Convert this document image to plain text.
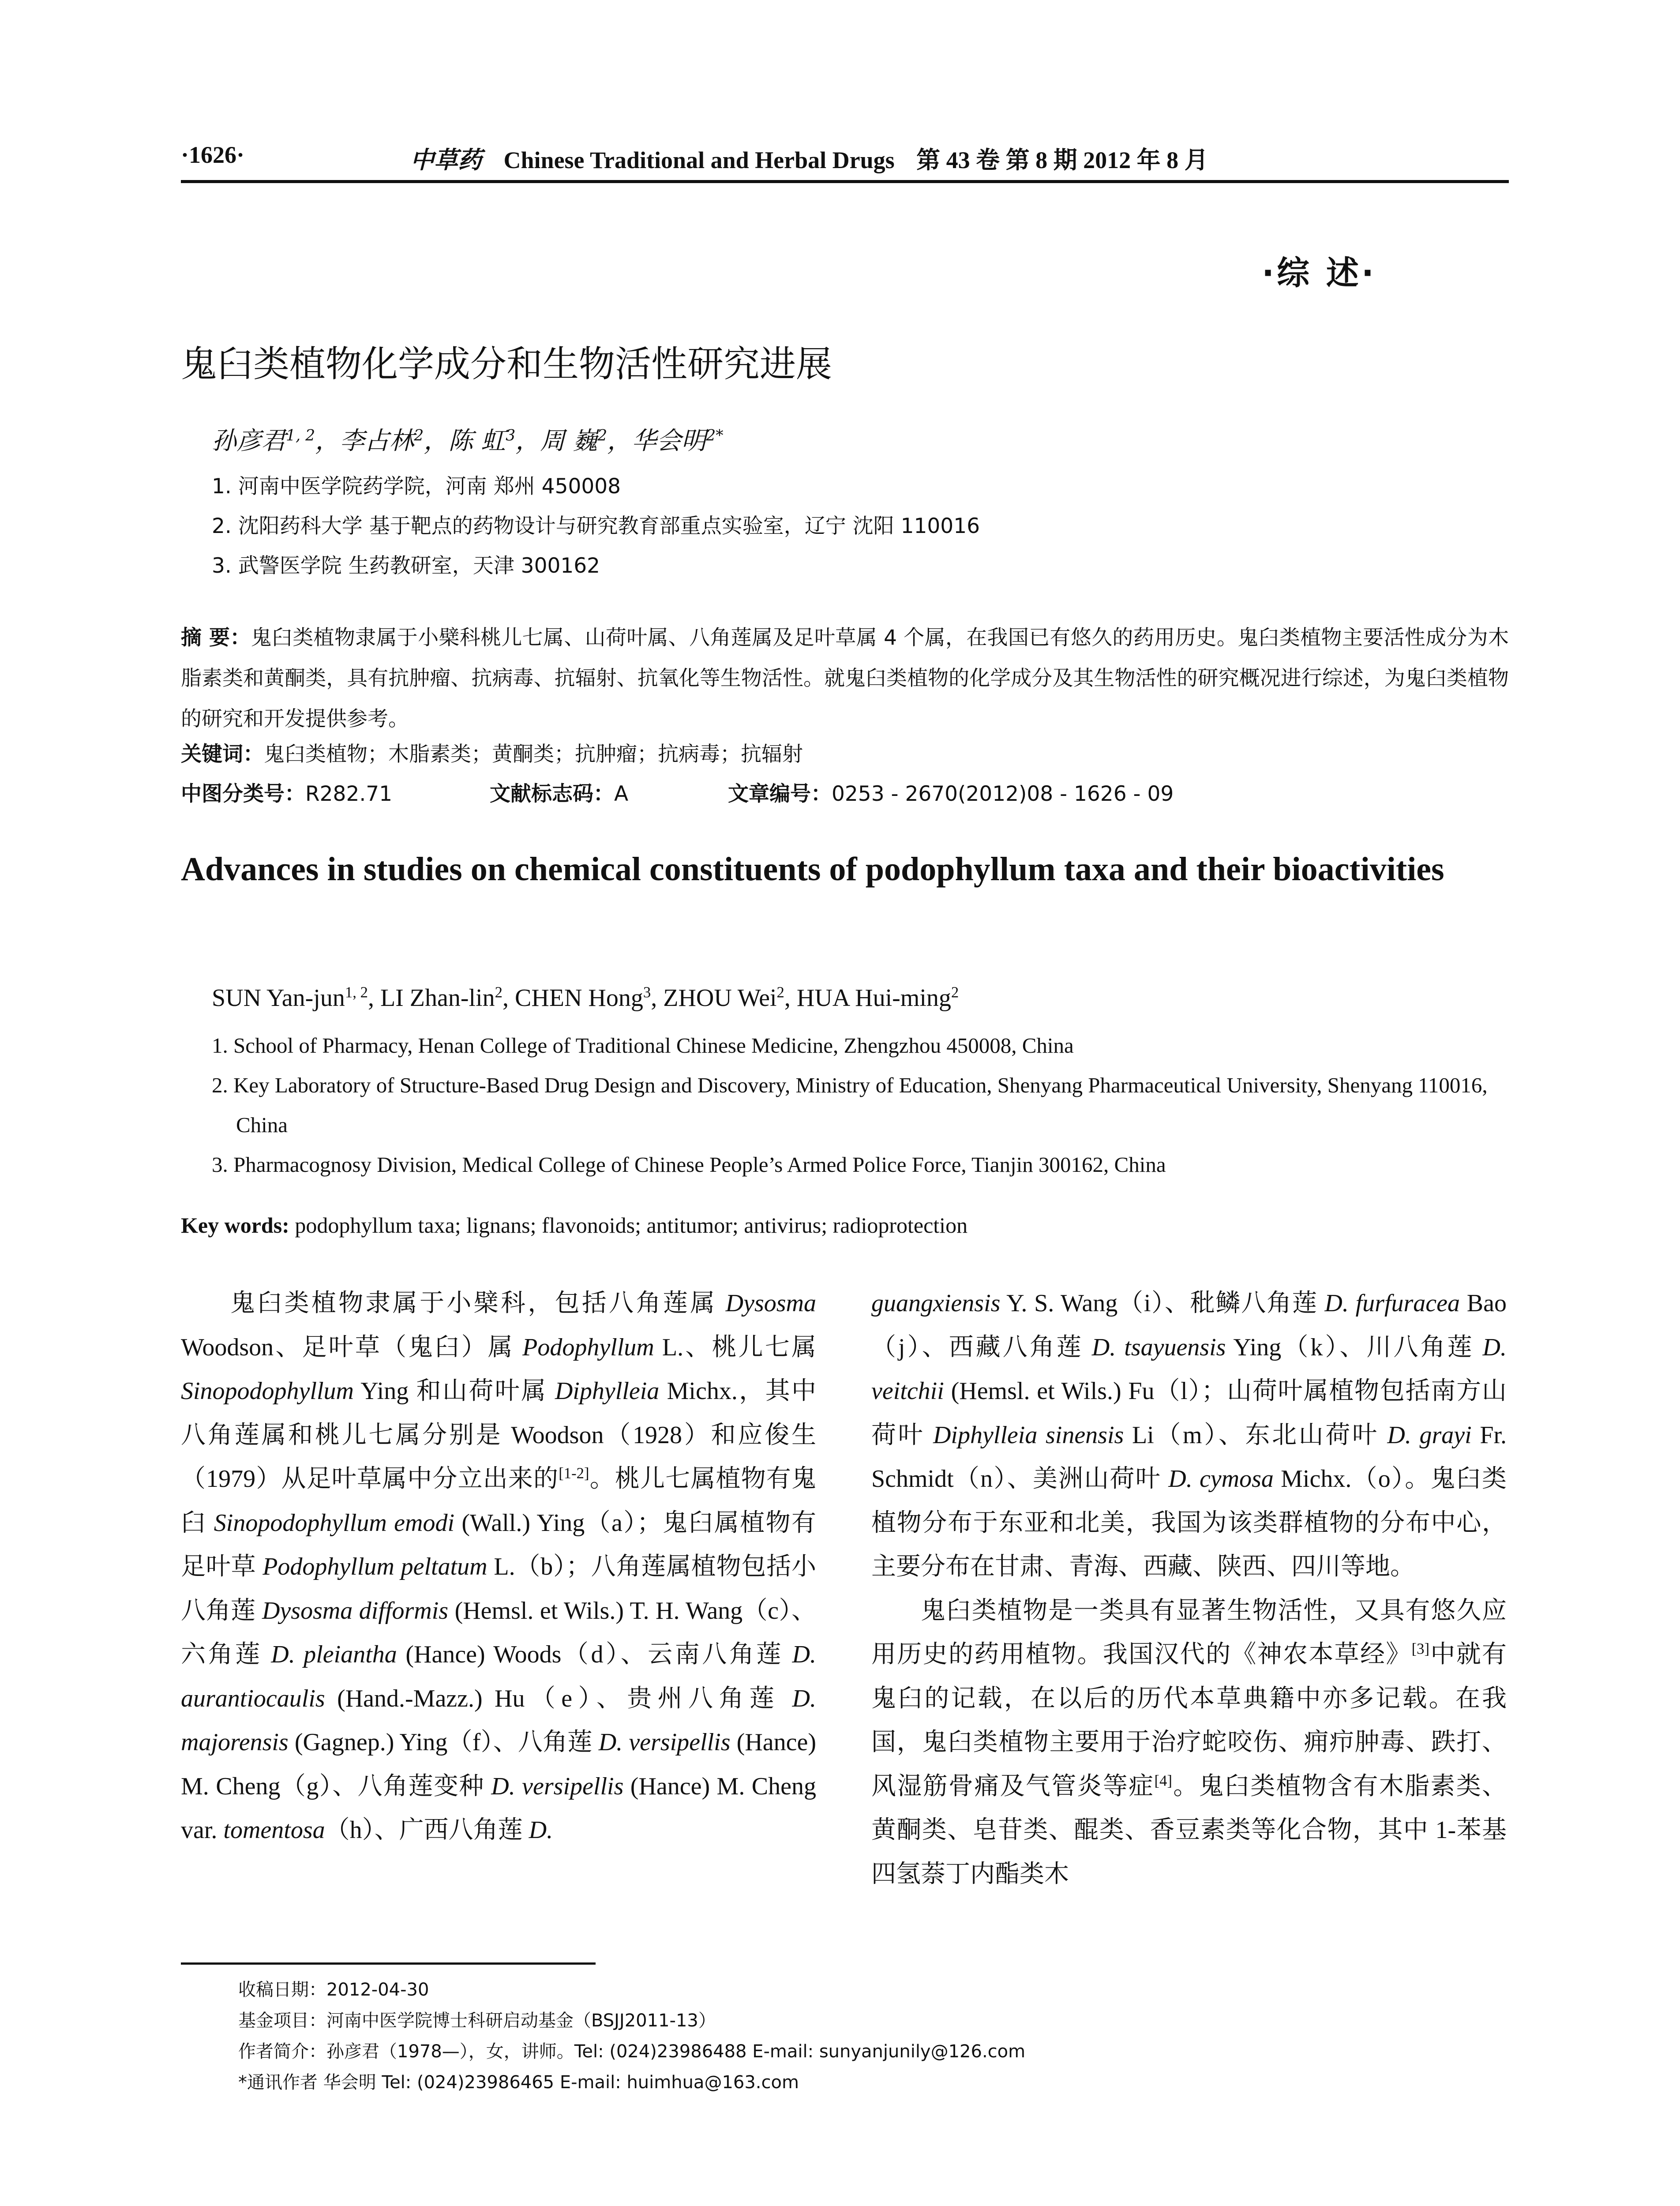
·1626·	中草药 Chinese Traditional and Herbal Drugs 第 43 卷 第 8 期 2012 年 8 月
·综 述·
鬼臼类植物化学成分和生物活性研究进展
孙彦君$^{1, 2}$，李占林$^2$，陈 虹$^3$，周 巍$^2$，华会明$^{2*}$
1. 河南中医学院药学院，河南 郑州 450008
2. 沈阳药科大学 基于靶点的药物设计与研究教育部重点实验室，辽宁 沈阳 110016
3. 武警医学院 生药教研室，天津 300162
摘 要：鬼臼类植物隶属于小檗科桃儿七属、山荷叶属、八角莲属及足叶草属 4 个属，在我国已有悠久的药用历史。鬼臼类植物主要活性成分为木脂素类和黄酮类，具有抗肿瘤、抗病毒、抗辐射、抗氧化等生物活性。就鬼臼类植物的化学成分及其生物活性的研究概况进行综述，为鬼臼类植物的研究和开发提供参考。
关键词：鬼臼类植物；木脂素类；黄酮类；抗肿瘤；抗病毒；抗辐射
中图分类号：R282.71	文献标志码：A	文章编号：0253 - 2670(2012)08 - 1626 - 09
Advances in studies on chemical constituents of podophyllum taxa and their bioactivities
SUN Yan-jun$^{1, 2}$, LI Zhan-lin$^2$, CHEN Hong$^3$, ZHOU Wei$^2$, HUA Hui-ming$^2$
1. School of Pharmacy, Henan College of Traditional Chinese Medicine, Zhengzhou 450008, China
2. Key Laboratory of Structure-Based Drug Design and Discovery, Ministry of Education, Shenyang Pharmaceutical University, Shenyang 110016, China
3. Pharmacognosy Division, Medical College of Chinese People’s Armed Police Force, Tianjin 300162, China
Key words: podophyllum taxa; lignans; flavonoids; antitumor; antivirus; radioprotection

鬼臼类植物隶属于小檗科，包括八角莲属 Dysosma Woodson、足叶草（鬼臼）属 Podophyllum L.、桃儿七属 Sinopodophyllum Ying 和山荷叶属 Diphylleia Michx.，其中八角莲属和桃儿七属分别是 Woodson（1928）和应俊生（1979）从足叶草属中分立出来的[1-2]。桃儿七属植物有鬼臼 Sinopodophyllum emodi (Wall.) Ying（a）；鬼臼属植物有足叶草 Podophyllum peltatum L.（b）；八角莲属植物包括小八角莲 Dysosma difformis (Hemsl. et Wils.) T. H. Wang（c）、六角莲 D. pleiantha (Hance) Woods（d）、云南八角莲 D. aurantiocaulis (Hand.-Mazz.) Hu（e）、贵州八角莲 D. majorensis (Gagnep.) Ying（f）、八角莲 D. versipellis (Hance) M. Cheng（g）、八角莲变种 D. versipellis (Hance) M. Cheng var. tomentosa（h）、广西八角莲 D.

guangxiensis Y. S. Wang（i）、秕鳞八角莲 D. furfuracea Bao（j）、西藏八角莲 D. tsayuensis Ying（k）、川八角莲 D. veitchii (Hemsl. et Wils.) Fu（l）；山荷叶属植物包括南方山荷叶 Diphylleia sinensis Li（m）、东北山荷叶 D. grayi Fr. Schmidt（n）、美洲山荷叶 D. cymosa Michx.（o）。鬼臼类植物分布于东亚和北美，我国为该类群植物的分布中心，主要分布在甘肃、青海、西藏、陕西、四川等地。

鬼臼类植物是一类具有显著生物活性，又具有悠久应用历史的药用植物。我国汉代的《神农本草经》[3]中就有鬼臼的记载，在以后的历代本草典籍中亦多记载。在我国，鬼臼类植物主要用于治疗蛇咬伤、痈疖肿毒、跌打、风湿筋骨痛及气管炎等症[4]。鬼臼类植物含有木脂素类、黄酮类、皂苷类、醌类、香豆素类等化合物，其中 1-苯基四氢萘丁内酯类木

收稿日期：2012-04-30
基金项目：河南中医学院博士科研启动基金（BSJJ2011-13）
作者简介：孙彦君（1978—），女，讲师。Tel: (024)23986488 E-mail: sunyanjunily@126.com
*通讯作者 华会明 Tel: (024)23986465 E-mail: huimhua@163.com
